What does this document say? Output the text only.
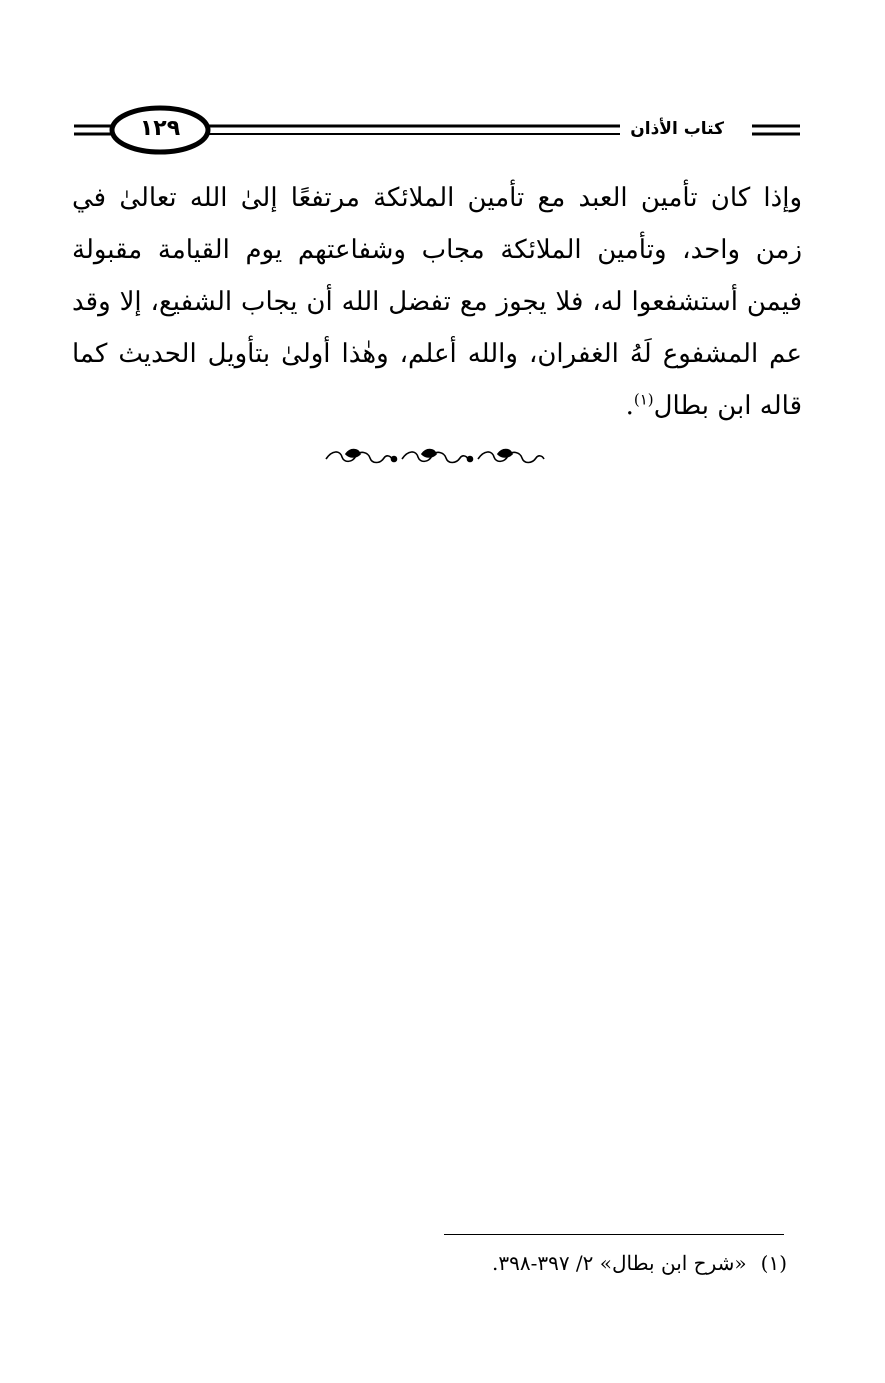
١٢٩	كتاب الأذان
وإذا كان تأمين العبد مع تأمين الملائكة مرتفعًا إلىٰ الله تعالىٰ في
زمن واحد، وتأمين الملائكة مجاب وشفاعتهم يوم القيامة مقبولة
فيمن أستشفعوا له، فلا يجوز مع تفضل الله أن يجاب الشفيع، إلا وقد
عم المشفوع لَهُ الغفران، والله أعلم، وهٰذا أولىٰ بتأويل الحديث كما
قاله ابن بطال$^{(١)}$.
(١)«شرح ابن بطال» ٢/ ٣٩٧-٣٩٨.
